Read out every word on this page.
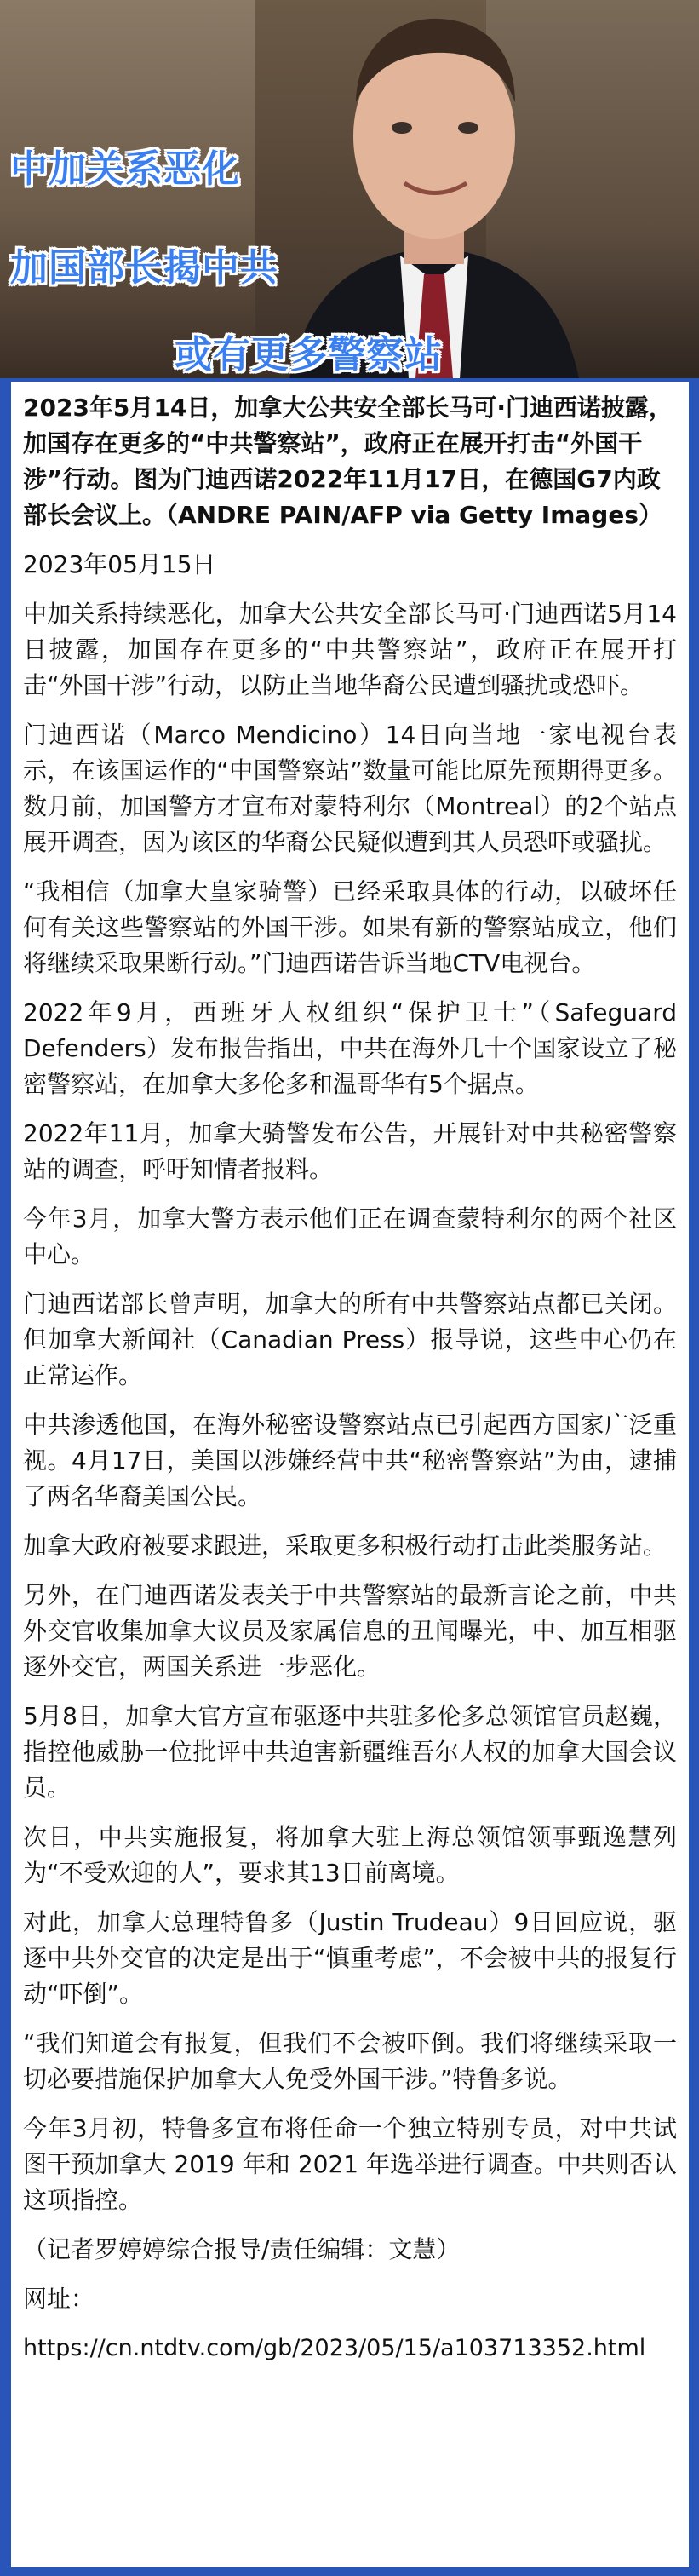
中加关系恶化
加国部长揭中共
或有更多警察站
2023年5月14日，加拿大公共安全部长马可·门迪西诺披露，加国存在更多的“中共警察站”，政府正在展开打击“外国干涉”行动。图为门迪西诺2022年11月17日，在德国G7内政部长会议上。（ANDRE PAIN/AFP via Getty Images）
2023年05月15日
中加关系持续恶化，加拿大公共安全部长马可·门迪西诺5月14日披露，加国存在更多的“中共警察站”，政府正在展开打击“外国干涉”行动，以防止当地华裔公民遭到骚扰或恐吓。
门迪西诺（Marco Mendicino）14日向当地一家电视台表示，在该国运作的“中国警察站”数量可能比原先预期得更多。数月前，加国警方才宣布对蒙特利尔（Montreal）的2个站点展开调查，因为该区的华裔公民疑似遭到其人员恐吓或骚扰。
“我相信（加拿大皇家骑警）已经采取具体的行动，以破坏任何有关这些警察站的外国干涉。如果有新的警察站成立，他们将继续采取果断行动。”门迪西诺告诉当地CTV电视台。
2022年9月，西班牙人权组织“保护卫士”（Safeguard Defenders）发布报告指出，中共在海外几十个国家设立了秘密警察站，在加拿大多伦多和温哥华有5个据点。
2022年11月，加拿大骑警发布公告，开展针对中共秘密警察站的调查，呼吁知情者报料。
今年3月，加拿大警方表示他们正在调查蒙特利尔的两个社区中心。
门迪西诺部长曾声明，加拿大的所有中共警察站点都已关闭。但加拿大新闻社（Canadian Press）报导说，这些中心仍在正常运作。
中共渗透他国，在海外秘密设警察站点已引起西方国家广泛重视。4月17日，美国以涉嫌经营中共“秘密警察站”为由，逮捕了两名华裔美国公民。
加拿大政府被要求跟进，采取更多积极行动打击此类服务站。
另外，在门迪西诺发表关于中共警察站的最新言论之前，中共外交官收集加拿大议员及家属信息的丑闻曝光，中、加互相驱逐外交官，两国关系进一步恶化。
5月8日，加拿大官方宣布驱逐中共驻多伦多总领馆官员赵巍，指控他威胁一位批评中共迫害新疆维吾尔人权的加拿大国会议员。
次日，中共实施报复，将加拿大驻上海总领馆领事甄逸慧列为“不受欢迎的人”，要求其13日前离境。
对此，加拿大总理特鲁多（Justin Trudeau）9日回应说，驱逐中共外交官的决定是出于“慎重考虑”，不会被中共的报复行动“吓倒”。
“我们知道会有报复，但我们不会被吓倒。我们将继续采取一切必要措施保护加拿大人免受外国干涉。”特鲁多说。
今年3月初，特鲁多宣布将任命一个独立特别专员，对中共试图干预加拿大 2019 年和 2021 年选举进行调查。中共则否认这项指控。
（记者罗婷婷综合报导/责任编辑：文慧）
网址：
https://cn.ntdtv.com/gb/2023/05/15/a103713352.html
